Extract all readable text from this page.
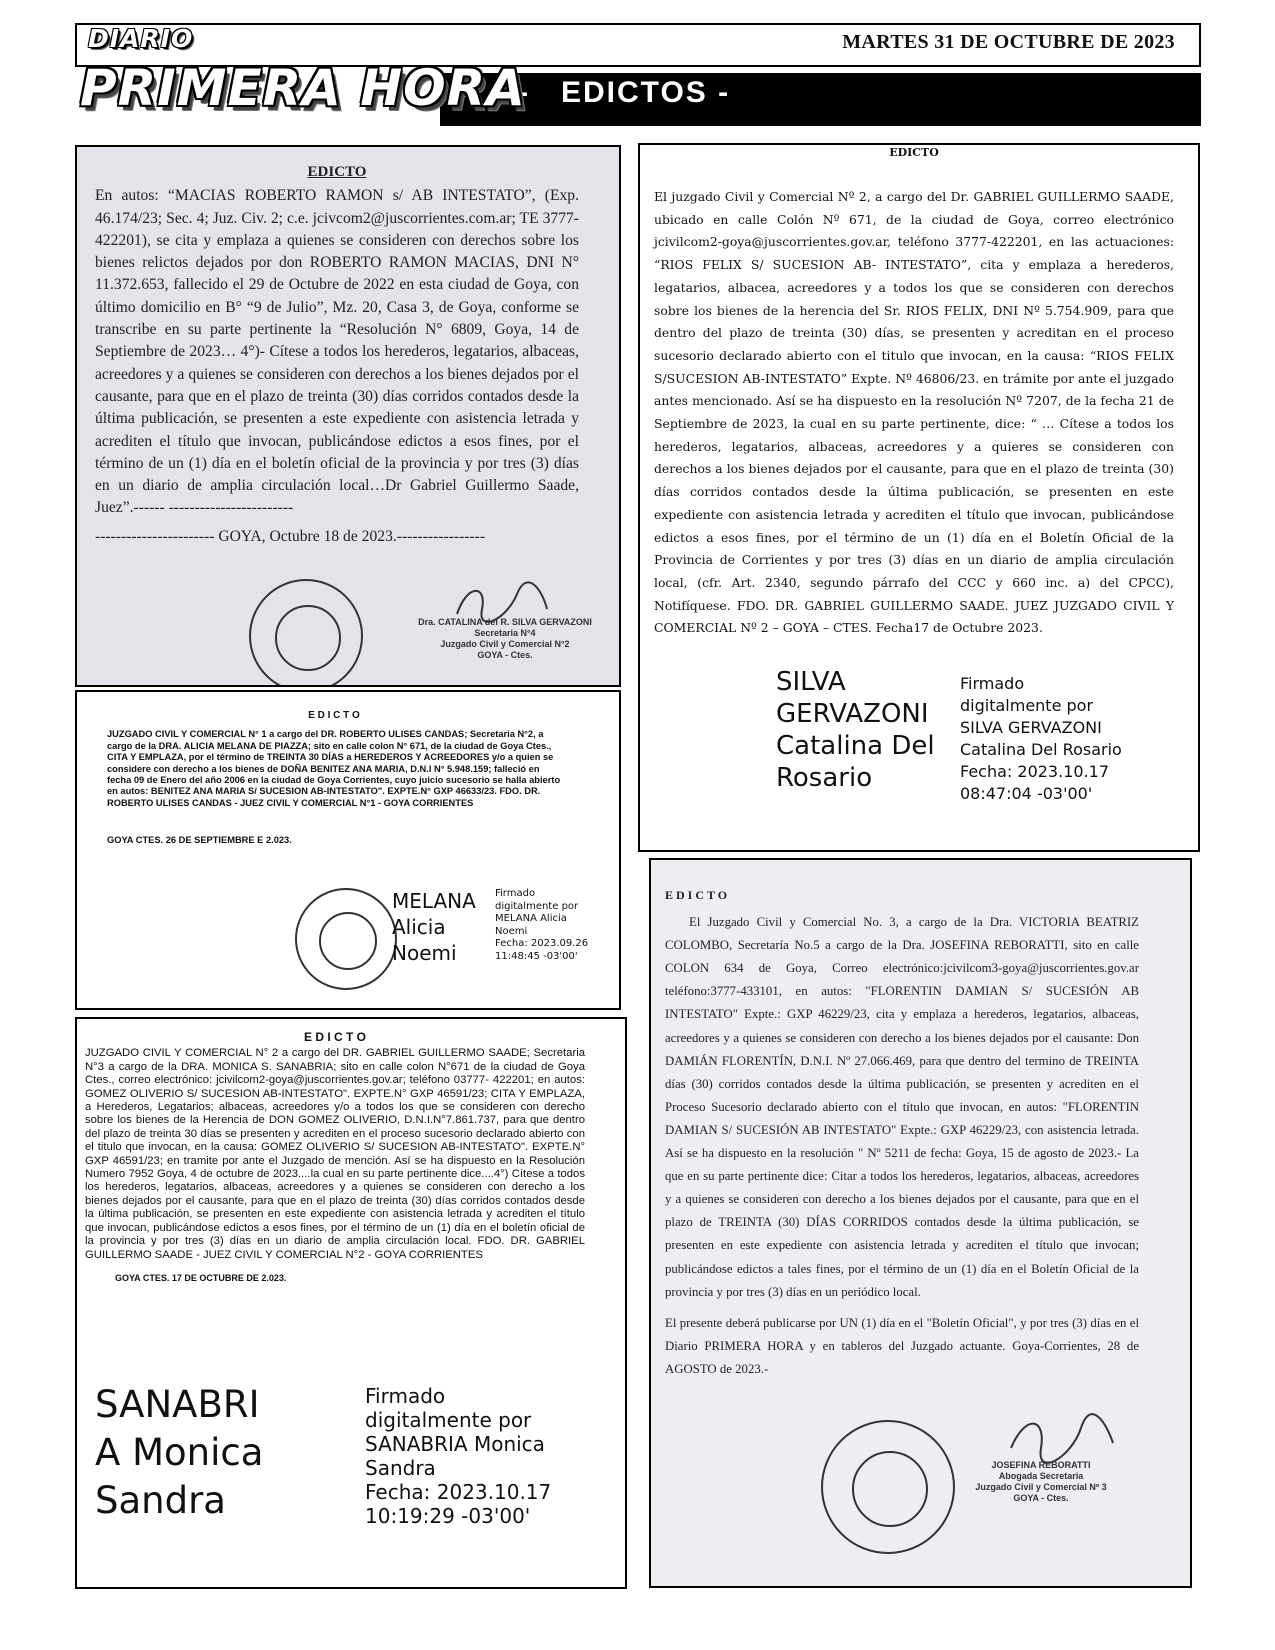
MARTES 31 DE OCTUBRE DE 2023
-   EDICTOS -
DIARIO
PRIMERA HORA
EDICTO

En autos: “MACIAS ROBERTO RAMON s/ AB INTESTATO”, (Exp. 46.174/23; Sec. 4; Juz. Civ. 2; c.e. jcivcom2@juscorrientes.com.ar; TE 3777-422201), se cita y emplaza a quienes se consideren con derechos sobre los bienes relictos dejados por don ROBERTO RAMON MACIAS, DNI N° 11.372.653, fallecido el 29 de Octubre de 2022 en esta ciudad de Goya, con último domicilio en B° “9 de Julio”, Mz. 20, Casa 3, de Goya, conforme se transcribe en su parte pertinente la “Resolución N° 6809, Goya, 14 de Septiembre de 2023… 4°)- Cítese a todos los herederos, legatarios, albaceas, acreedores y a quienes se consideren con derechos a los bienes dejados por el causante, para que en el plazo de treinta (30) días corridos contados desde la última publicación, se presenten a este expediente con asistencia letrada y acrediten el título que invocan, publicándose edictos a esos fines, por el término de un (1) día en el boletín oficial de la provincia y por tres (3) días en un diario de amplia circulación local…Dr Gabriel Guillermo Saade, Juez”.------ ------------------------

----------------------- GOYA, Octubre 18 de 2023.-----------------

Dra. CATALINA del R. SILVA GERVAZONI
Secretaria N°4
Juzgado Civil y Comercial N°2
GOYA - Ctes.
EDICTO

El juzgado Civil y Comercial Nº 2, a cargo del Dr. GABRIEL GUILLERMO SAADE, ubicado en calle Colón Nº 671, de la ciudad de Goya, correo electrónico jcivilcom2-goya@juscorrientes.gov.ar, teléfono 3777-422201, en las actuaciones: “RIOS FELIX S/ SUCESION AB- INTESTATO”, cita y emplaza a herederos, legatarios, albacea, acreedores y a todos los que se consideren con derechos sobre los bienes de la herencia del Sr. RIOS FELIX, DNI Nº 5.754.909, para que dentro del plazo de treinta (30) días, se presenten y acreditan en el proceso sucesorio declarado abierto con el titulo que invocan, en la causa: “RIOS FELIX S/SUCESION AB-INTESTATO” Expte. Nº 46806/23. en trámite por ante el juzgado antes mencionado. Así se ha dispuesto en la resolución Nº 7207, de la fecha 21 de Septiembre de 2023, la cual en su parte pertinente, dice: “ … Cítese a todos los herederos, legatarios, albaceas, acreedores y a quieres se consideren con derechos a los bienes dejados por el causante, para que en el plazo de treinta (30) días corridos contados desde la última publicación, se presenten en este expediente con asistencia letrada y acrediten el título que invocan, publicándose edictos a esos fines, por el término de un (1) día en el Boletín Oficial de la Provincia de Corrientes y por tres (3) días en un diario de amplia circulación local, (cfr. Art. 2340, segundo párrafo del CCC y 660 inc. a) del CPCC), Notifíquese. FDO. DR. GABRIEL GUILLERMO SAADE. JUEZ JUZGADO CIVIL Y COMERCIAL Nº 2 – GOYA – CTES. Fecha17 de Octubre 2023.

SILVA
GERVAZONI
Catalina Del
Rosario
Firmado
digitalmente por
SILVA GERVAZONI
Catalina Del Rosario
Fecha: 2023.10.17
08:47:04 -03'00'
E D I C T O

JUZGADO CIVIL Y COMERCIAL N° 1 a cargo del DR. ROBERTO ULISES CANDAS; Secretaria N°2, a cargo de la DRA. ALICIA MELANA DE PIAZZA; sito en calle colon N° 671, de la ciudad de Goya Ctes., CITA Y EMPLAZA, por el término de TREINTA 30 DÍAS a HEREDEROS Y ACREEDORES y/o a quien se considere con derecho a los bienes de DOÑA BENITEZ ANA MARIA, D.N.I N° 5.948.159; falleció en fecha 09 de Enero del año 2006 en la ciudad de Goya Corrientes, cuyo juicio sucesorio se halla abierto en autos: BENITEZ ANA MARIA S/ SUCESION AB-INTESTATO". EXPTE.N° GXP 46633/23. FDO. DR. ROBERTO ULISES CANDAS - JUEZ CIVIL Y COMERCIAL N°1 - GOYA CORRIENTES

GOYA CTES. 26 DE SEPTIEMBRE E 2.023.

MELANA
Alicia
Noemi
Firmado
digitalmente por
MELANA Alicia
Noemi
Fecha: 2023.09.26
11:48:45 -03'00'
E D I C T O

JUZGADO CIVIL Y COMERCIAL N° 2 a cargo del DR. GABRIEL GUILLERMO SAADE; Secretaria N°3 a cargo de la DRA. MONICA S. SANABRIA; sito en calle colon N°671 de la ciudad de Goya Ctes., correo electrónico: jcivilcom2-goya@juscorrientes.gov.ar; teléfono 03777- 422201; en autos: GOMEZ OLIVERIO S/ SUCESION AB-INTESTATO". EXPTE.N° GXP 46591/23; CITA Y EMPLAZA, a Herederos, Legatarios; albaceas, acreedores y/o a todos los que se consideren con derecho sobre los bienes de la Herencia de DON GOMEZ OLIVERIO, D.N.I.N°7.861.737, para que dentro del plazo de treinta 30 días se presenten y acrediten en el proceso sucesorio declarado abierto con el titulo que invocan, en la causa: GOMEZ OLIVERIO S/ SUCESION AB-INTESTATO". EXPTE.N° GXP 46591/23; en tramite por ante el Juzgado de mención. Así se ha dispuesto en la Resolución Numero 7952 Goya, 4 de octubre de 2023....la cual en su parte pertinente dice....4°) Cítese a todos los herederos, legatarios, albaceas, acreedores y a quienes se consideren con derecho a los bienes dejados por el causante, para que en el plazo de treinta (30) días corridos contados desde la última publicación, se presenten en este expediente con asistencia letrada y acrediten el título que invocan, publicándose edictos a esos fines, por el término de un (1) día en el boletín oficial de la provincia y por tres (3) días en un diario de amplia circulación local. FDO. DR. GABRIEL GUILLERMO SAADE - JUEZ CIVIL Y COMERCIAL N°2 - GOYA CORRIENTES

GOYA CTES. 17 DE OCTUBRE DE 2.023.

SANABRI
A Monica
Sandra
Firmado
digitalmente por
SANABRIA Monica
Sandra
Fecha: 2023.10.17
10:19:29 -03'00'
EDICTO

El Juzgado Civil y Comercial No. 3, a cargo de la Dra. VICTORIA BEATRIZ COLOMBO, Secretaría No.5 a cargo de la Dra. JOSEFINA REBORATTI, sito en calle COLON 634 de Goya, Correo electrónico:jcivilcom3-goya@juscorrientes.gov.ar teléfono:3777-433101, en autos: "FLORENTIN DAMIAN S/ SUCESIÓN AB INTESTATO" Expte.: GXP 46229/23, cita y emplaza a herederos, legatarios, albaceas, acreedores y a quienes se consideren con derecho a los bienes dejados por el causante: Don DAMIÁN FLORENTÍN, D.N.I. Nº 27.066.469, para que dentro del termino de TREINTA días (30) corridos contados desde la última publicación, se presenten y acrediten en el Proceso Sucesorio declarado abierto con el título que invocan, en autos: "FLORENTIN DAMIAN S/ SUCESIÓN AB INTESTATO" Expte.: GXP 46229/23, con asistencia letrada. Así se ha dispuesto en la resolución " Nº 5211 de fecha: Goya, 15 de agosto de 2023.- La que en su parte pertinente dice: Citar a todos los herederos, legatarios, albaceas, acreedores y a quienes se consideren con derecho a los bienes dejados por el causante, para que en el plazo de TREINTA (30) DÍAS CORRIDOS contados desde la última publicación, se presenten en este expediente con asistencia letrada y acrediten el título que invocan; publicándose edictos a tales fines, por el término de un (1) día en el Boletín Oficial de la provincia y por tres (3) días en un periódico local.

El presente deberá publicarse por UN (1) día en el "Boletín Oficial", y por tres (3) días en el Diario PRIMERA HORA y en tableros del Juzgado actuante. Goya-Corrientes, 28 de AGOSTO de 2023.-

JOSEFINA REBORATTI
Abogada Secretaria
Juzgado Civil y Comercial Nº 3
GOYA - Ctes.
